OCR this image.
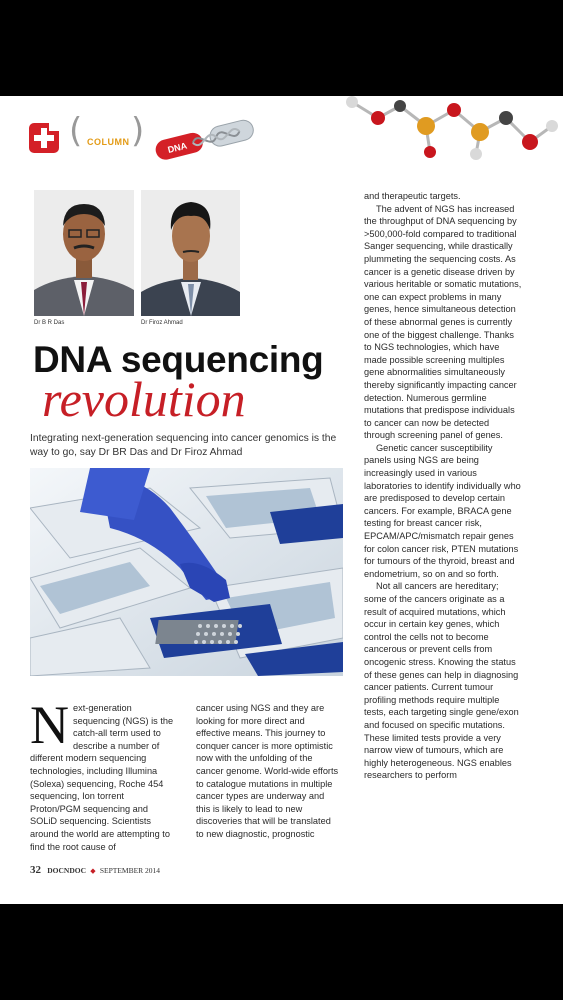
( COLUMN ) DNA
Dr B R Das	Dr Firoz Ahmad
DNA sequencing
revolution
Integrating next-generation sequencing into cancer genomics is the way to go, say Dr BR Das and Dr Firoz Ahmad
N ext-generation sequencing (NGS) is the catch-all term used to describe a number of different modern sequencing technologies, including Illumina (Solexa) sequencing, Roche 454 sequencing, Ion torrent Proton/PGM sequencing and SOLiD sequencing. Scientists around the world are attempting to find the root cause of

cancer using NGS and they are looking for more direct and effective means. This journey to conquer cancer is more optimistic now with the unfolding of the cancer genome. World-wide efforts to catalogue mutations in multiple cancer types are underway and this is likely to lead to new discoveries that will be translated to new diagnostic, prognostic

and therapeutic targets.

The advent of NGS has increased the throughput of DNA sequencing by >500,000-fold compared to traditional Sanger sequencing, while drastically plummeting the sequencing costs. As cancer is a genetic disease driven by various heritable or somatic mutations, one can expect problems in many genes, hence simultaneous detection of these abnormal genes is currently one of the biggest challenge. Thanks to NGS technologies, which have made possible screening multiples gene abnormalities simultaneously thereby significantly impacting cancer detection. Numerous germline mutations that predispose individuals to cancer can now be detected through screening panel of genes.

Genetic cancer susceptibility panels using NGS are being increasingly used in various laboratories to identify individually who are predisposed to develop certain cancers. For example, BRACA gene testing for breast cancer risk, EPCAM/APC/mismatch repair genes for colon cancer risk, PTEN mutations for tumours of the thyroid, breast and endometrium, so on and so forth.

Not all cancers are hereditary; some of the cancers originate as a result of acquired mutations, which occur in certain key genes, which control the cells not to become cancerous or prevent cells from oncogenic stress. Knowing the status of these genes can help in diagnosing cancer patients. Current tumour profiling methods require multiple tests, each targeting single gene/exon and focused on specific mutations. These limited tests provide a very narrow view of tumours, which are highly heterogeneous. NGS enables researchers to perform

32 DOCNDOC ◆ SEPTEMBER 2014
